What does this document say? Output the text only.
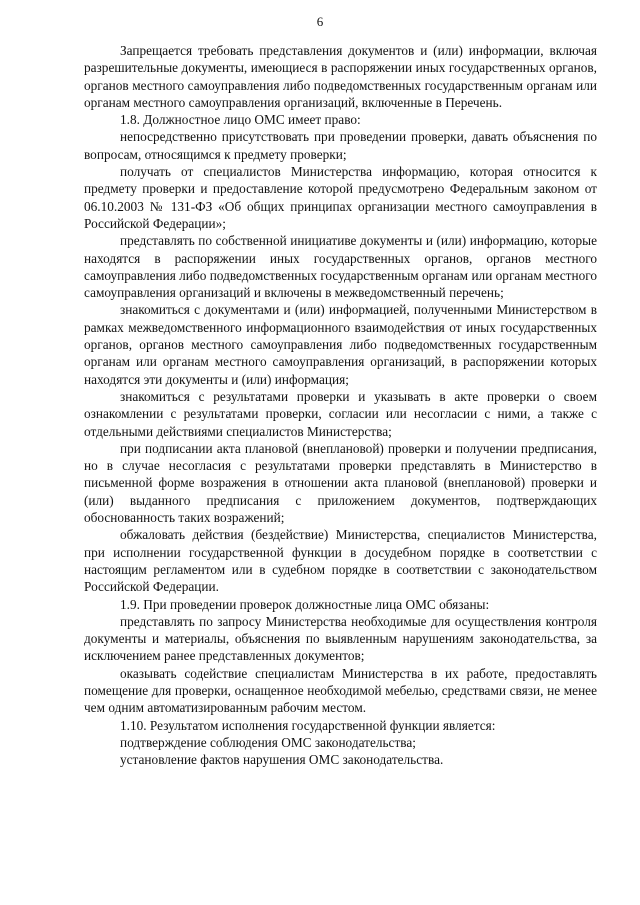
6

Запрещается требовать представления документов и (или) информации, включая разрешительные документы, имеющиеся в распоряжении иных государственных органов, органов местного самоуправления либо подведомственных государственным органам или органам местного самоуправления организаций, включенные в Перечень.

1.8. Должностное лицо ОМС имеет право:

непосредственно присутствовать при проведении проверки, давать объяснения по вопросам, относящимся к предмету проверки;

получать от специалистов Министерства информацию, которая относится к предмету проверки и предоставление которой предусмотрено Федеральным законом от 06.10.2003 № 131-ФЗ «Об общих принципах организации местного самоуправления в Российской Федерации»;

представлять по собственной инициативе документы и (или) информацию, которые находятся в распоряжении иных государственных органов, органов местного самоуправления либо подведомственных государственным органам или органам местного самоуправления организаций и включены в межведомственный перечень;

знакомиться с документами и (или) информацией, полученными Министерством в рамках межведомственного информационного взаимодействия от иных государственных органов, органов местного самоуправления либо подведомственных государственным органам или органам местного самоуправления организаций, в распоряжении которых находятся эти документы и (или) информация;

знакомиться с результатами проверки и указывать в акте проверки о своем ознакомлении с результатами проверки, согласии или несогласии с ними, а также с отдельными действиями специалистов Министерства;

при подписании акта плановой (внеплановой) проверки и получении предписания, но в случае несогласия с результатами проверки представлять в Министерство в письменной форме возражения в отношении акта плановой (внеплановой) проверки и (или) выданного предписания с приложением документов, подтверждающих обоснованность таких возражений;

обжаловать действия (бездействие) Министерства, специалистов Министерства, при исполнении государственной функции в досудебном порядке в соответствии с настоящим регламентом или в судебном порядке в соответствии с законодательством Российской Федерации.

1.9. При проведении проверок должностные лица ОМС обязаны:

представлять по запросу Министерства необходимые для осуществления контроля документы и материалы, объяснения по выявленным нарушениям законодательства, за исключением ранее представленных документов;

оказывать содействие специалистам Министерства в их работе, предоставлять помещение для проверки, оснащенное необходимой мебелью, средствами связи, не менее чем одним автоматизированным рабочим местом.

1.10. Результатом исполнения государственной функции является:

подтверждение соблюдения ОМС законодательства;

установление фактов нарушения ОМС законодательства.
